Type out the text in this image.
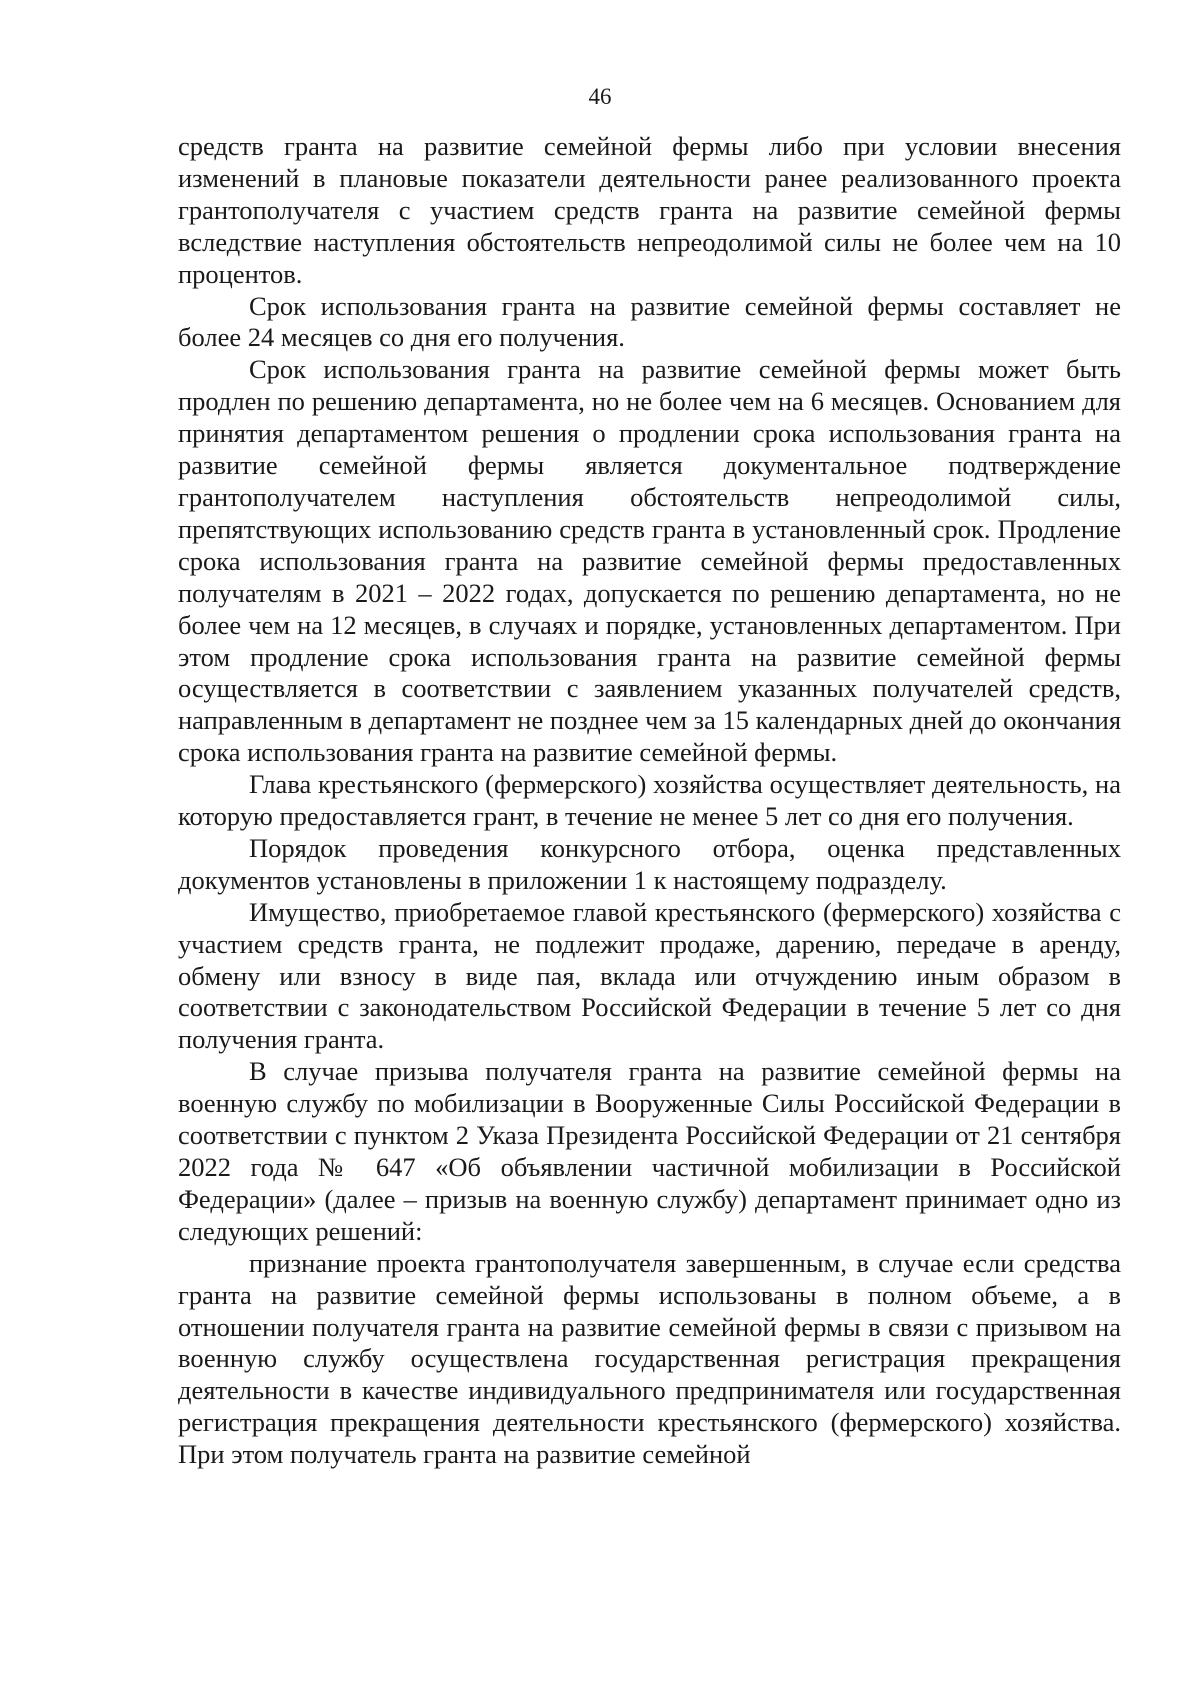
46

средств гранта на развитие семейной фермы либо при условии внесения изменений в плановые показатели деятельности ранее реализованного проекта грантополучателя с участием средств гранта на развитие семейной фермы вследствие наступления обстоятельств непреодолимой силы не более чем на 10 процентов.

Срок использования гранта на развитие семейной фермы составляет не более 24 месяцев со дня его получения.

Срок использования гранта на развитие семейной фермы может быть продлен по решению департамента, но не более чем на 6 месяцев. Основанием для принятия департаментом решения о продлении срока использования гранта на развитие семейной фермы является документальное подтверждение грантополучателем наступления обстоятельств непреодолимой силы, препятствующих использованию средств гранта в установленный срок. Продление срока использования гранта на развитие семейной фермы предоставленных получателям в 2021 – 2022 годах, допускается по решению департамента, но не более чем на 12 месяцев, в случаях и порядке, установленных департаментом. При этом продление срока использования гранта на развитие семейной фермы осуществляется в соответствии с заявлением указанных получателей средств, направленным в департамент не позднее чем за 15 календарных дней до окончания срока использования гранта на развитие семейной фермы.

Глава крестьянского (фермерского) хозяйства осуществляет деятельность, на которую предоставляется грант, в течение не менее 5 лет со дня его получения.

Порядок проведения конкурсного отбора, оценка представленных документов установлены в приложении 1 к настоящему подразделу.

Имущество, приобретаемое главой крестьянского (фермерского) хозяйства с участием средств гранта, не подлежит продаже, дарению, передаче в аренду, обмену или взносу в виде пая, вклада или отчуждению иным образом в соответствии с законодательством Российской Федерации в течение 5 лет со дня получения гранта.

В случае призыва получателя гранта на развитие семейной фермы на военную службу по мобилизации в Вооруженные Силы Российской Федерации в соответствии с пунктом 2 Указа Президента Российской Федерации от 21 сентября 2022 года № 647 «Об объявлении частичной мобилизации в Российской Федерации» (далее – призыв на военную службу) департамент принимает одно из следующих решений:

признание проекта грантополучателя завершенным, в случае если средства гранта на развитие семейной фермы использованы в полном объеме, а в отношении получателя гранта на развитие семейной фермы в связи с призывом на военную службу осуществлена государственная регистрация прекращения деятельности в качестве индивидуального предпринимателя или государственная регистрация прекращения деятельности крестьянского (фермерского) хозяйства. При этом получатель гранта на развитие семейной
